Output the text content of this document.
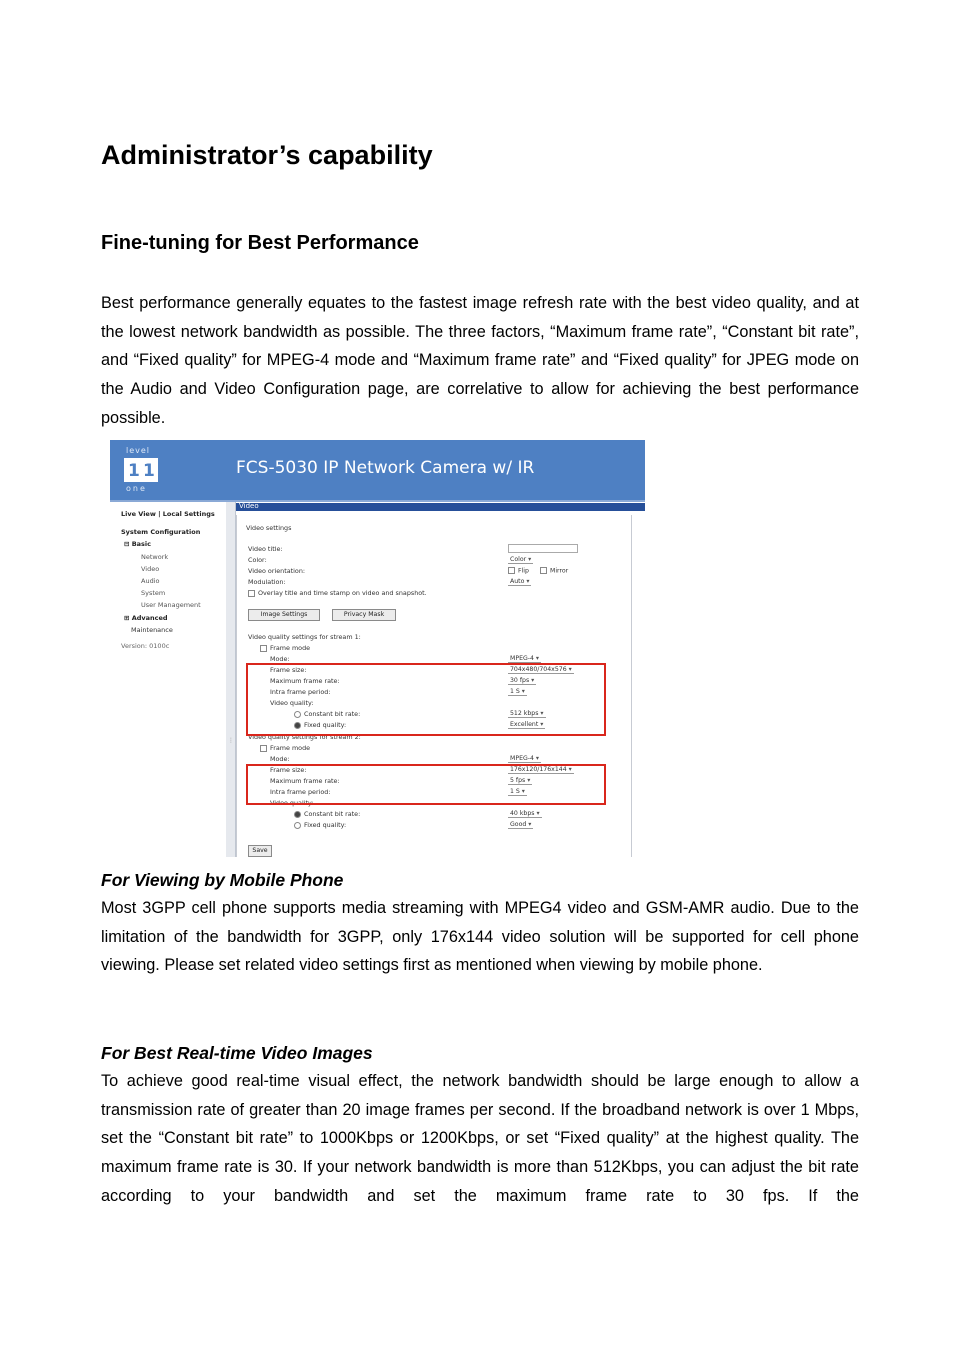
Administrator’s capability
Fine-tuning for Best Performance

Best performance generally equates to the fastest image refresh rate with the best video quality, and at the lowest network bandwidth as possible. The three factors, “Maximum frame rate”, “Constant bit rate”, and “Fixed quality” for MPEG-4 mode and “Maximum frame rate” and “Fixed quality” for JPEG mode on the Audio and Video Configuration page, are correlative to allow for achieving the best performance possible.

level
1 1
one
FCS-5030 IP Network Camera w/ IR
Live View | Local Settings
System Configuration
⊟ Basic
Network
Video
Audio
System
User Management
⊞ Advanced
Maintenance
Version: 0100c
⋮
Video
Video settings
Video title:
Color:	Color ▾
Video orientation:	Flip	Mirror
Modulation:	Auto ▾
Overlay title and time stamp on video and snapshot.
Image Settings	Privacy Mask
Video quality settings for stream 1:
Frame mode
Mode:	MPEG-4 ▾
Frame size:	704x480/704x576 ▾
Maximum frame rate:	30 fps ▾
Intra frame period:	1 S ▾
Video quality:
Constant bit rate:	512 kbps ▾
Fixed quality:	Excellent ▾
Video quality settings for stream 2:
Frame mode
Mode:	MPEG-4 ▾
Frame size:	176x120/176x144 ▾
Maximum frame rate:	5 fps ▾
Intra frame period:	1 S ▾
Video quality:
Constant bit rate:	40 kbps ▾
Fixed quality:	Good ▾
Save
For Viewing by Mobile Phone

Most 3GPP cell phone supports media streaming with MPEG4 video and GSM-AMR audio. Due to the limitation of the bandwidth for 3GPP, only 176x144 video solution will be supported for cell phone viewing. Please set related video settings first as mentioned when viewing by mobile phone.

For Best Real-time Video Images

To achieve good real-time visual effect, the network bandwidth should be large enough to allow a transmission rate of greater than 20 image frames per second. If the broadband network is over 1 Mbps, set the “Constant bit rate” to 1000Kbps or 1200Kbps, or set “Fixed quality” at the highest quality. The maximum frame rate is 30. If your network bandwidth is more than 512Kbps, you can adjust the bit rate according to your bandwidth and set the maximum frame rate to 30 fps. If the
